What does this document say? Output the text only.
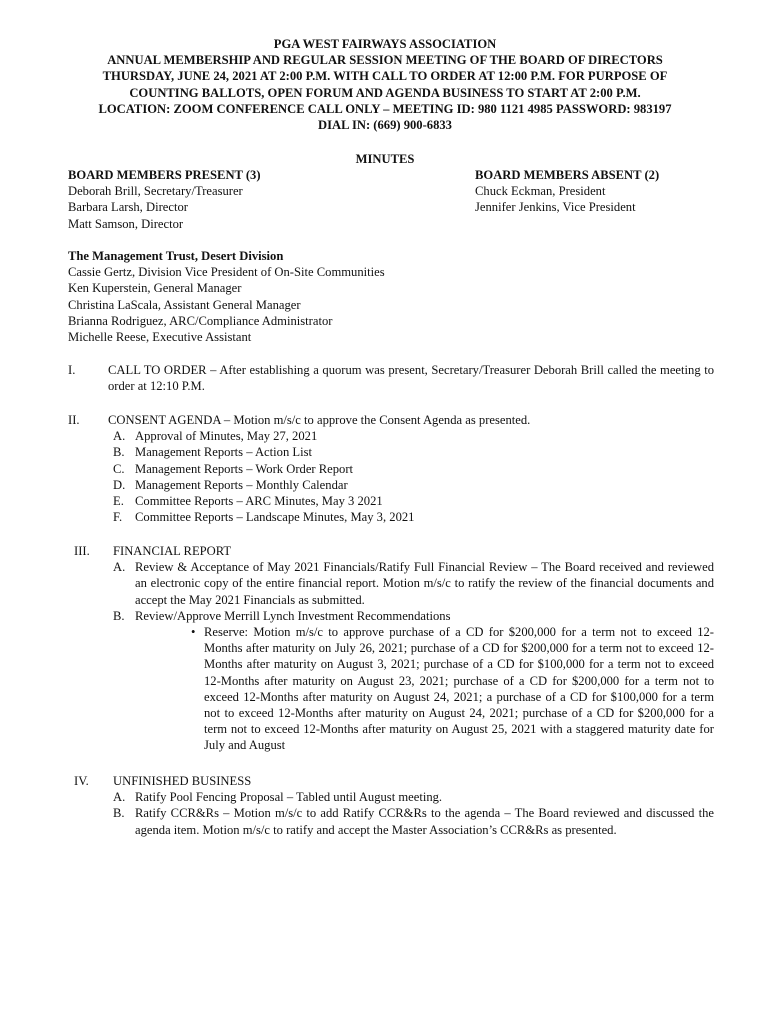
PGA WEST FAIRWAYS ASSOCIATION
ANNUAL MEMBERSHIP AND REGULAR SESSION MEETING OF THE BOARD OF DIRECTORS
THURSDAY, JUNE 24, 2021 AT 2:00 P.M. WITH CALL TO ORDER AT 12:00 P.M. FOR PURPOSE OF
COUNTING BALLOTS, OPEN FORUM AND AGENDA BUSINESS TO START AT 2:00 P.M.
LOCATION: ZOOM CONFERENCE CALL ONLY – MEETING ID: 980 1121 4985 PASSWORD: 983197
DIAL IN: (669) 900-6833
MINUTES
BOARD MEMBERS PRESENT (3)
Deborah Brill, Secretary/Treasurer
Barbara Larsh, Director
Matt Samson, Director
BOARD MEMBERS ABSENT (2)
Chuck Eckman, President
Jennifer Jenkins, Vice President
The Management Trust, Desert Division
Cassie Gertz, Division Vice President of On-Site Communities
Ken Kuperstein, General Manager
Christina LaScala, Assistant General Manager
Brianna Rodriguez, ARC/Compliance Administrator
Michelle Reese, Executive Assistant
I.	CALL TO ORDER – After establishing a quorum was present, Secretary/Treasurer Deborah Brill called the meeting to order at 12:10 P.M.
II. CONSENT AGENDA – Motion m/s/c to approve the Consent Agenda as presented.
A. Approval of Minutes, May 27, 2021
B. Management Reports – Action List
C. Management Reports – Work Order Report
D. Management Reports – Monthly Calendar
E. Committee Reports – ARC Minutes, May 3 2021
F. Committee Reports – Landscape Minutes, May 3, 2021
III. FINANCIAL REPORT
A. Review & Acceptance of May 2021 Financials/Ratify Full Financial Review – The Board received and reviewed an electronic copy of the entire financial report. Motion m/s/c to ratify the review of the financial documents and accept the May 2021 Financials as submitted.
B. Review/Approve Merrill Lynch Investment Recommendations
• Reserve: Motion m/s/c to approve purchase of a CD for $200,000 for a term not to exceed 12-Months after maturity on July 26, 2021; purchase of a CD for $200,000 for a term not to exceed 12-Months after maturity on August 3, 2021; purchase of a CD for $100,000 for a term not to exceed 12-Months after maturity on August 23, 2021; purchase of a CD for $200,000 for a term not to exceed 12-Months after maturity on August 24, 2021; a purchase of a CD for $100,000 for a term not to exceed 12-Months after maturity on August 24, 2021; purchase of a CD for $200,000 for a term not to exceed 12-Months after maturity on August 25, 2021 with a staggered maturity date for July and August
IV. UNFINISHED BUSINESS
A. Ratify Pool Fencing Proposal – Tabled until August meeting.
B. Ratify CCR&Rs – Motion m/s/c to add Ratify CCR&Rs to the agenda – The Board reviewed and discussed the agenda item. Motion m/s/c to ratify and accept the Master Association’s CCR&Rs as presented.
